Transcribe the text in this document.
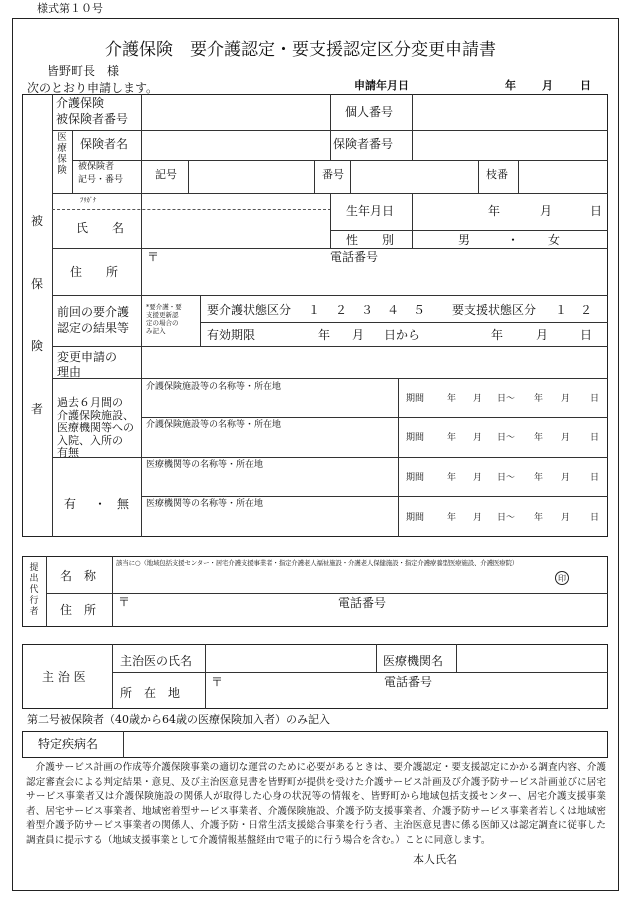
様式第１０号
介護保険　要介護認定・要支援認定区分変更申請書
皆野町長　様
次のとおり申請します。	申請年月日	年 月 日
被
保
険
者
介護保険
被保険者番号	個人番号
医
療
保
険
保険者名	保険者番号
被保険者
記号・番号	記号	番号	枝番
ﾌﾘｶﾞﾅ
氏　　名
生年月日	年	月	日
性　　別	男	・ 女
住　　所
〒	電話番号
前回の要介護
認定の結果等
*要介護・要
支援更新認
定の場合の
み記入
要介護状態区分 １ ２ ３ ４ ５ 要支援状態区分 １ ２
有効期限	年 月 日から	年	月	日
変更申請の
理由
過去６月間の
介護保険施設、
医療機関等への
入院、入所の
有無
有 ・ 無
介護保険施設等の名称等・所在地
期間	年 月 日～ 年 月 日
介護保険施設等の名称等・所在地
期間	年 月 日～ 年 月 日
医療機関等の名称等・所在地
期間	年 月 日～ 年 月 日
医療機関等の名称等・所在地
期間	年 月 日～ 年 月 日
提
出
代
行
者
名　称
該当に○（地域包括支援センター・居宅介護支援事業者・指定介護老人福祉施設・介護老人保健施設・指定介護療養型医療施設、介護医療院）
印
住　所
〒	電話番号
主 治 医
主治医の氏名	医療機関名
所　在　地
〒	電話番号
第二号被保険者（40歳から64歳の医療保険加入者）のみ記入
特定疾病名
介護サービス計画の作成等介護保険事業の適切な運営のために必要があるときは、要介護認定・要支援認定にかかる調査内容、介護認定審査会による判定結果・意見、及び主治医意見書を皆野町が提供を受けた介護サービス計画及び介護予防サービス計画並びに居宅サービス事業者又は介護保険施設の関係人が取得した心身の状況等の情報を、皆野町から地域包括支援センター、居宅介護支援事業者、居宅サービス事業者、地域密着型サービス事業者、介護保険施設、介護予防支援事業者、介護予防サービス事業者若しくは地域密着型介護予防サービス事業者の関係人、介護予防・日常生活支援総合事業を行う者、主治医意見書に係る医師又は認定調査に従事した調査員に提示する（地域支援事業として介護情報基盤経由で電子的に行う場合を含む。）ことに同意します。
本人氏名
